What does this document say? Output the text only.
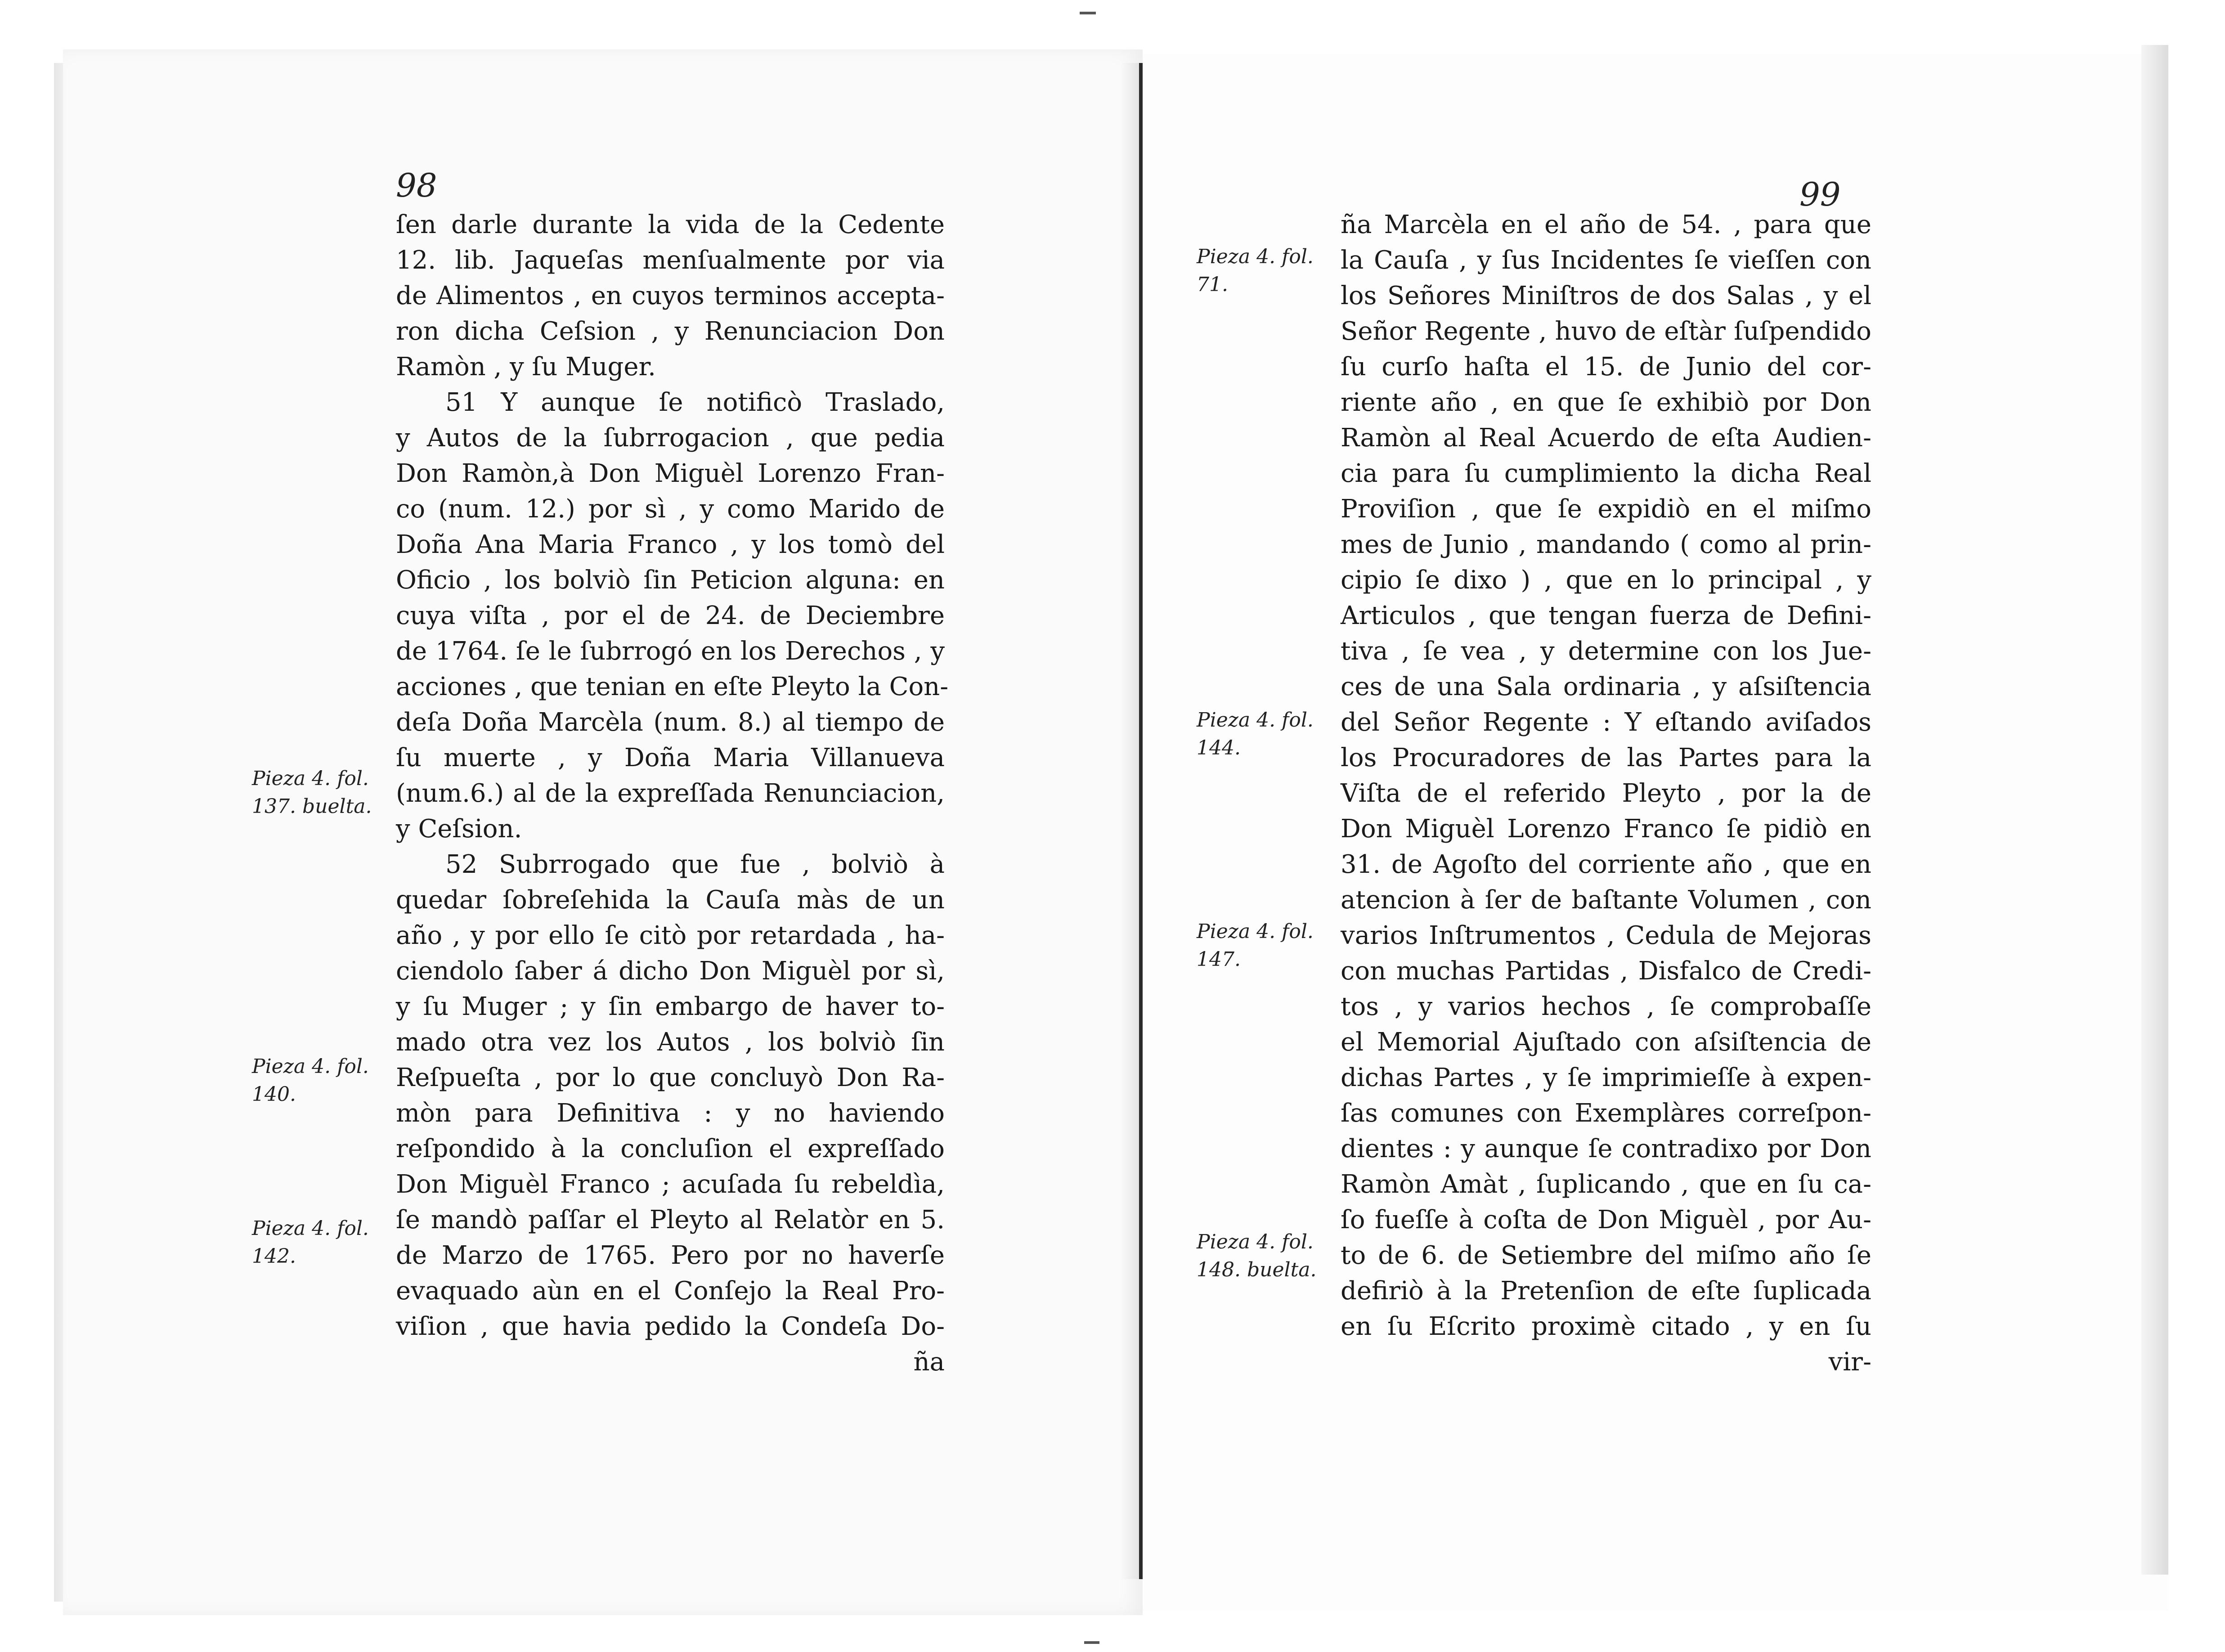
98
ſen darle durante la vida de la Cedente
12. lib. Jaqueſas menſualmente por via
de Alimentos , en cuyos terminos accepta-
ron dicha Ceſsion , y Renunciacion Don
Ramòn , y ſu Muger.
51 Y aunque ſe notificò Traslado,
y Autos de la ſubrrogacion , que pedia
Don Ramòn,à Don Miguèl Lorenzo Fran-
co (num. 12.) por sì , y como Marido de
Doña Ana Maria Franco , y los tomò del
Oficio , los bolviò ſin Peticion alguna: en
cuya viſta , por el de 24. de Deciembre
de 1764. ſe le ſubrrogó en los Derechos , y
acciones , que tenian en eſte Pleyto la Con-
deſa Doña Marcèla (num. 8.) al tiempo de
ſu muerte , y Doña Maria Villanueva
(num.6.) al de la expreſſada Renunciacion,
y Ceſsion.
52 Subrrogado que fue , bolviò à
quedar ſobreſehida la Cauſa màs de un
año , y por ello ſe citò por retardada , ha-
ciendolo ſaber á dicho Don Miguèl por sì,
y ſu Muger ; y ſin embargo de haver to-
mado otra vez los Autos , los bolviò ſin
Reſpueſta , por lo que concluyò Don Ra-
mòn para Definitiva : y no haviendo
reſpondido à la concluſion el expreſſado
Don Miguèl Franco ; acuſada ſu rebeldìa,
ſe mandò paſſar el Pleyto al Relatòr en 5.
de Marzo de 1765. Pero por no haverſe
evaquado aùn en el Conſejo la Real Pro-
viſion , que havia pedido la Condeſa Do-
ña
Pieza 4. fol.
137. buelta.
Pieza 4. fol.
140.
Pieza 4. fol.
142.
99
ña Marcèla en el año de 54. , para que
la Cauſa , y ſus Incidentes ſe vieſſen con
los Señores Miniſtros de dos Salas , y el
Señor Regente , huvo de eſtàr ſuſpendido
ſu curſo haſta el 15. de Junio del cor-
riente año , en que ſe exhibiò por Don
Ramòn al Real Acuerdo de eſta Audien-
cia para ſu cumplimiento la dicha Real
Proviſion , que ſe expidiò en el miſmo
mes de Junio , mandando ( como al prin-
cipio ſe dixo ) , que en lo principal , y
Articulos , que tengan fuerza de Defini-
tiva , ſe vea , y determine con los Jue-
ces de una Sala ordinaria , y aſsiſtencia
del Señor Regente : Y eſtando aviſados
los Procuradores de las Partes para la
Viſta de el referido Pleyto , por la de
Don Miguèl Lorenzo Franco ſe pidiò en
31. de Agoſto del corriente año , que en
atencion à ſer de baſtante Volumen , con
varios Inſtrumentos , Cedula de Mejoras
con muchas Partidas , Disfalco de Credi-
tos , y varios hechos , ſe comprobaſſe
el Memorial Ajuſtado con aſsiſtencia de
dichas Partes , y ſe imprimieſſe à expen-
ſas comunes con Exemplàres correſpon-
dientes : y aunque ſe contradixo por Don
Ramòn Amàt , ſuplicando , que en ſu ca-
ſo fueſſe à coſta de Don Miguèl , por Au-
to de 6. de Setiembre del miſmo año ſe
defiriò à la Pretenſion de eſte ſuplicada
en ſu Eſcrito proximè citado , y en ſu
vir-
Pieza 4. fol.
71.
Pieza 4. fol.
144.
Pieza 4. fol.
147.
Pieza 4. fol.
148. buelta.
